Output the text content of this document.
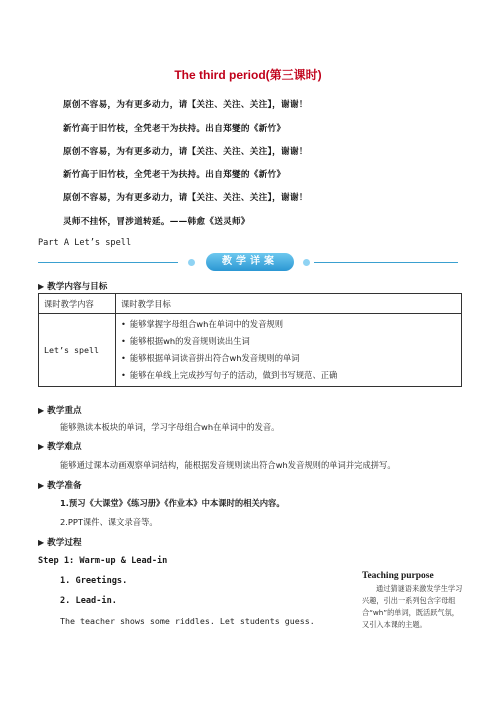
The third period(第三课时)
原创不容易，为有更多动力，请【关注、关注、关注】，谢谢！
新竹高于旧竹枝，全凭老干为扶持。出自郑燮的《新竹》
原创不容易，为有更多动力，请【关注、关注、关注】，谢谢！
新竹高于旧竹枝，全凭老干为扶持。出自郑燮的《新竹》
原创不容易，为有更多动力，请【关注、关注、关注】，谢谢！
灵师不挂怀，冒涉道转延。——韩愈《送灵师》
Part A Let’s spell
教学详案
▶ 教学内容与目标
课时教学内容	课时教学目标
Let’s spell	• 能够掌握字母组合wh在单词中的发音规则
• 能够根据wh的发音规则读出生词
• 能够根据单词读音拼出符合wh发音规则的单词
• 能够在单线上完成抄写句子的活动，做到书写规范、正确
▶ 教学重点
能够熟读本板块的单词，学习字母组合wh在单词中的发音。
▶ 教学难点
能够通过课本动画观察单词结构，能根据发音规则读出符合wh发音规则的单词并完成拼写。
▶ 教学准备
1.预习《大课堂》《练习册》《作业本》中本课时的相关内容。
2.PPT课件、课文录音等。
▶ 教学过程
Step 1: Warm-up & Lead-in
1. Greetings.
2. Lead-in.
The teacher shows some riddles. Let students guess.
Teaching purpose
通过猜谜语来激发学生学习兴趣，引出一系列包含字母组合“wh”的单词，既活跃气氛，又引入本课的主题。
